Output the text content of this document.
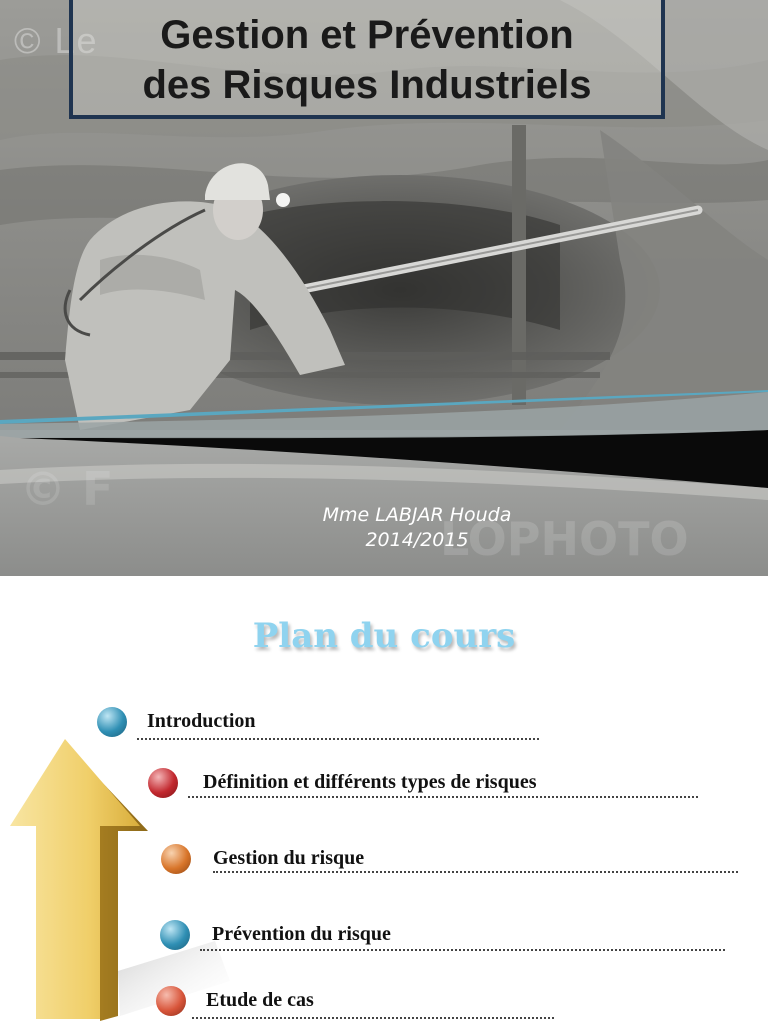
LOPHOTO
© F
© Le	Gestion et Prévention
des Risques Industriels
Mme LABJAR Houda
2014/2015
Plan du cours
Introduction
Définition et différents types de risques
Gestion du risque
Prévention du risque
Etude de cas
